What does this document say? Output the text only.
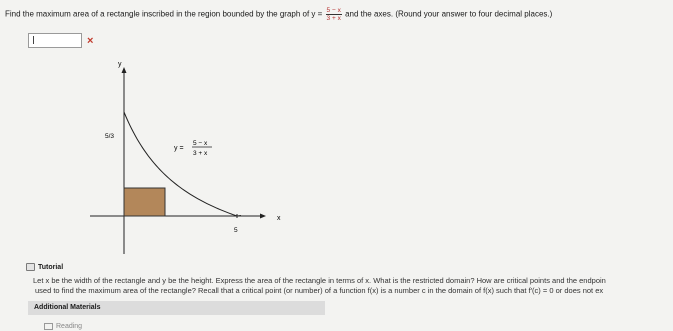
Find the maximum area of a rectangle inscribed in the region bounded by the graph of $y = \frac{5 - x}{3 + x}$ and the axes. (Round your answer to four decimal places.)
×
y
x
5/3
5
y =
5 − x
3 + x
Tutorial
Let x be the width of the rectangle and y be the height. Express the area of the rectangle in terms of x. What is the restricted domain? How are critical points and the endpoin
used to find the maximum area of the rectangle? Recall that a critical point (or number) of a function f(x) is a number c in the domain of f(x) such that f′(c) = 0 or does not ex
Additional Materials
Reading
